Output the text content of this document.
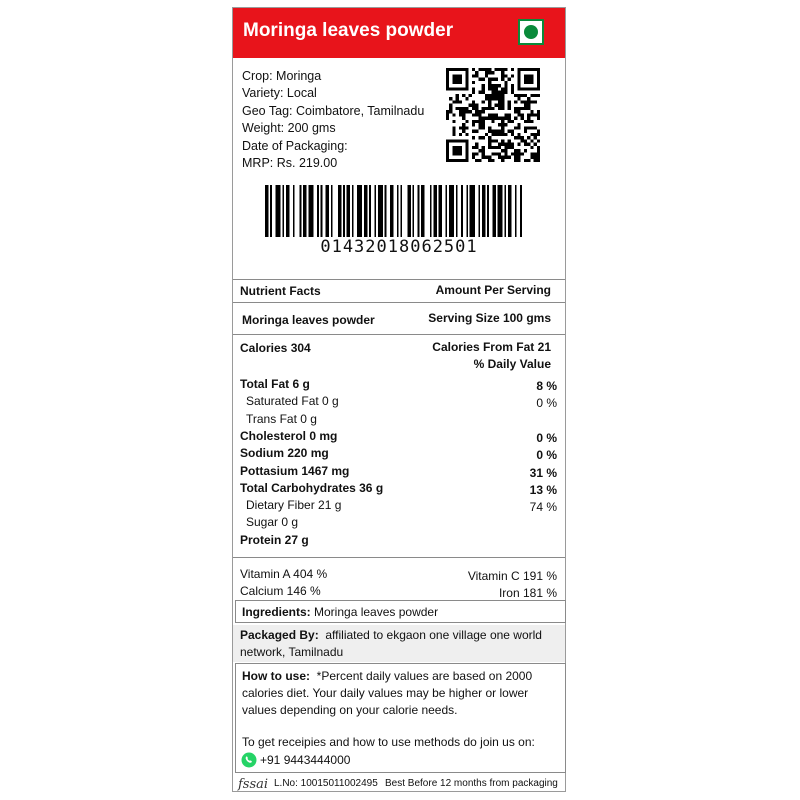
Moringa leaves powder
Crop: Moringa
Variety: Local
Geo Tag: Coimbatore, Tamilnadu
Weight: 200 gms
Date of Packaging:
MRP: Rs. 219.00
01432018062501
Nutrient Facts	Amount Per Serving
Moringa leaves powder	Serving Size 100 gms
Calories 304	Calories From Fat 21
% Daily Value
Total Fat 6 g	8 %
Saturated Fat 0 g	0 %
Trans Fat 0 g
Cholesterol 0 mg	0 %
Sodium 220 mg	0 %
Pottasium 1467 mg	31 %
Total Carbohydrates 36 g	13 %
Dietary Fiber 21 g	74 %
Sugar 0 g
Protein 27 g
Vitamin A 404 %	Vitamin C 191 %
Calcium 146 %	Iron 181 %
Ingredients: Moringa leaves powder
Packaged By: affiliated to ekgaon one village one world
network, Tamilnadu
How to use: *Percent daily values are based on 2000
calories diet. Your daily values may be higher or lower
values depending on your calorie needs.
To get receipies and how to use methods do join us on:
+91 9443444000
fssai L.No: 10015011002495 Best Before 12 months from packaging
